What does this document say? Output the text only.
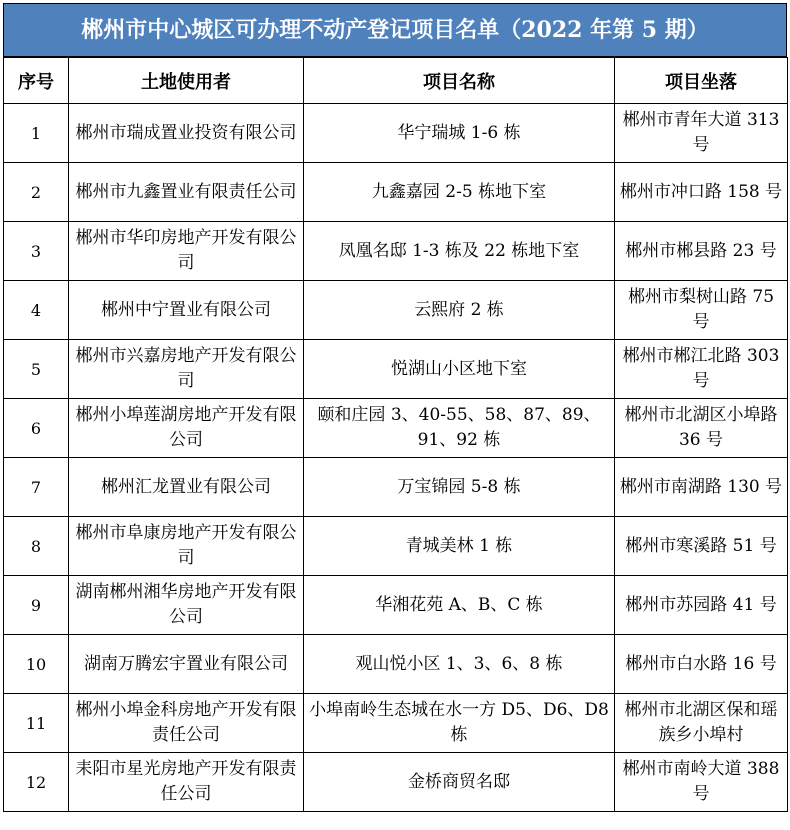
郴州市中心城区可办理不动产登记项目名单（2022 年第 5 期）
序号	土地使用者	项目名称	项目坐落
1	郴州市瑞成置业投资有限公司	华宁瑞城 1-6 栋	郴州市青年大道 313 号
2	郴州市九鑫置业有限责任公司	九鑫嘉园 2-5 栋地下室	郴州市冲口路 158 号
3	郴州市华印房地产开发有限公司	凤凰名邸 1-3 栋及 22 栋地下室	郴州市郴县路 23 号
4	郴州中宁置业有限公司	云熙府 2 栋	郴州市梨树山路 75 号
5	郴州市兴嘉房地产开发有限公司	悦湖山小区地下室	郴州市郴江北路 303 号
6	郴州小埠莲湖房地产开发有限公司	颐和庄园 3、40-55、58、87、89、91、92 栋	郴州市北湖区小埠路 36 号
7	郴州汇龙置业有限公司	万宝锦园 5-8 栋	郴州市南湖路 130 号
8	郴州市阜康房地产开发有限公司	青城美林 1 栋	郴州市寒溪路 51 号
9	湖南郴州湘华房地产开发有限公司	华湘花苑 A、B、C 栋	郴州市苏园路 41 号
10	湖南万腾宏宇置业有限公司	观山悦小区 1、3、6、8 栋	郴州市白水路 16 号
11	郴州小埠金科房地产开发有限责任公司	小埠南岭生态城在水一方 D5、D6、D8 栋	郴州市北湖区保和瑶族乡小埠村
12	耒阳市星光房地产开发有限责任公司	金桥商贸名邸	郴州市南岭大道 388 号
